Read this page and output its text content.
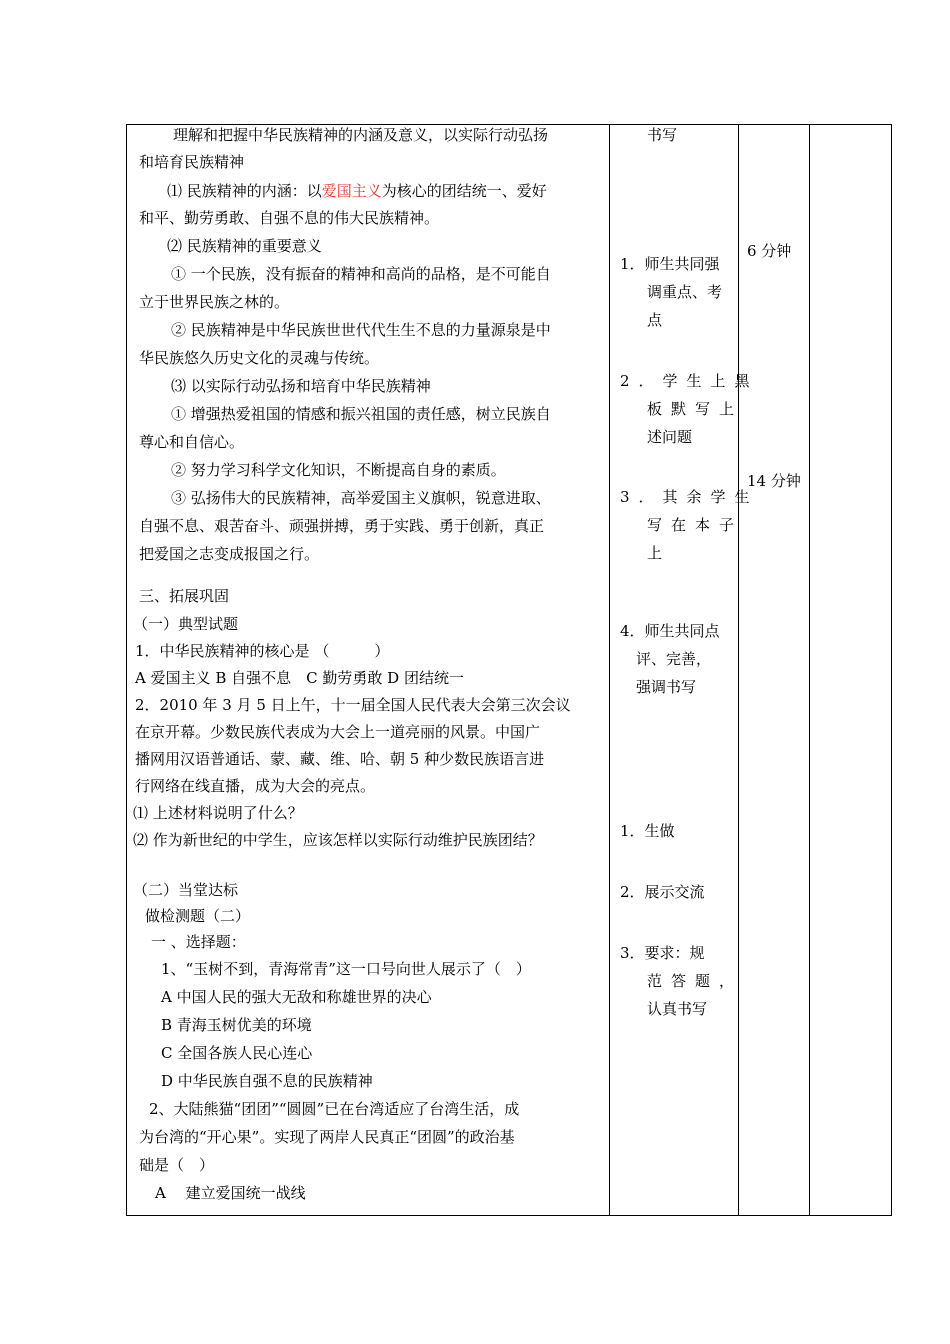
理解和把握中华民族精神的内涵及意义，以实际行动弘扬
和培育民族精神
⑴ 民族精神的内涵：以爱国主义为核心的团结统一、爱好
和平、勤劳勇敢、自强不息的伟大民族精神。
⑵ 民族精神的重要意义
① 一个民族，没有振奋的精神和高尚的品格，是不可能自
立于世界民族之林的。
② 民族精神是中华民族世世代代生生不息的力量源泉是中
华民族悠久历史文化的灵魂与传统。
⑶ 以实际行动弘扬和培育中华民族精神
① 增强热爱祖国的情感和振兴祖国的责任感，树立民族自
尊心和自信心。
② 努力学习科学文化知识，不断提高自身的素质。
③ 弘扬伟大的民族精神，高举爱国主义旗帜，锐意进取、
自强不息、艰苦奋斗、顽强拼搏，勇于实践、勇于创新，真正
把爱国之志变成报国之行。
三、拓展巩固
（一）典型试题
1．中华民族精神的核心是 （　　　）
A 爱国主义 B 自强不息　C 勤劳勇敢 D 团结统一
2．2010 年 3 月 5 日上午，十一届全国人民代表大会第三次会议
在京开幕。少数民族代表成为大会上一道亮丽的风景。中国广
播网用汉语普通话、蒙、藏、维、哈、朝 5 种少数民族语言进
行网络在线直播，成为大会的亮点。
⑴ 上述材料说明了什么？
⑵ 作为新世纪的中学生，应该怎样以实际行动维护民族团结？
（二）当堂达标
做检测题（二）
一 、选择题：
1、“玉树不到，青海常青”这一口号向世人展示了（　）
A 中国人民的强大无敌和称雄世界的决心
B 青海玉树优美的环境
C 全国各族人民心连心
D 中华民族自强不息的民族精神
2、大陆熊猫“团团”“圆圆”已在台湾适应了台湾生活，成
为台湾的“开心果”。实现了两岸人民真正“团圆”的政治基
础是（　）
A　 建立爱国统一战线
书写
1．师生共同强
调重点、考
点
2．学生上黑
板默写上
述问题
3．其余学生
写在本子
上
4．师生共同点
评、完善，
强调书写
1．生做
2．展示交流
3．要求：规
范答题，
认真书写
6 分钟
14 分钟
